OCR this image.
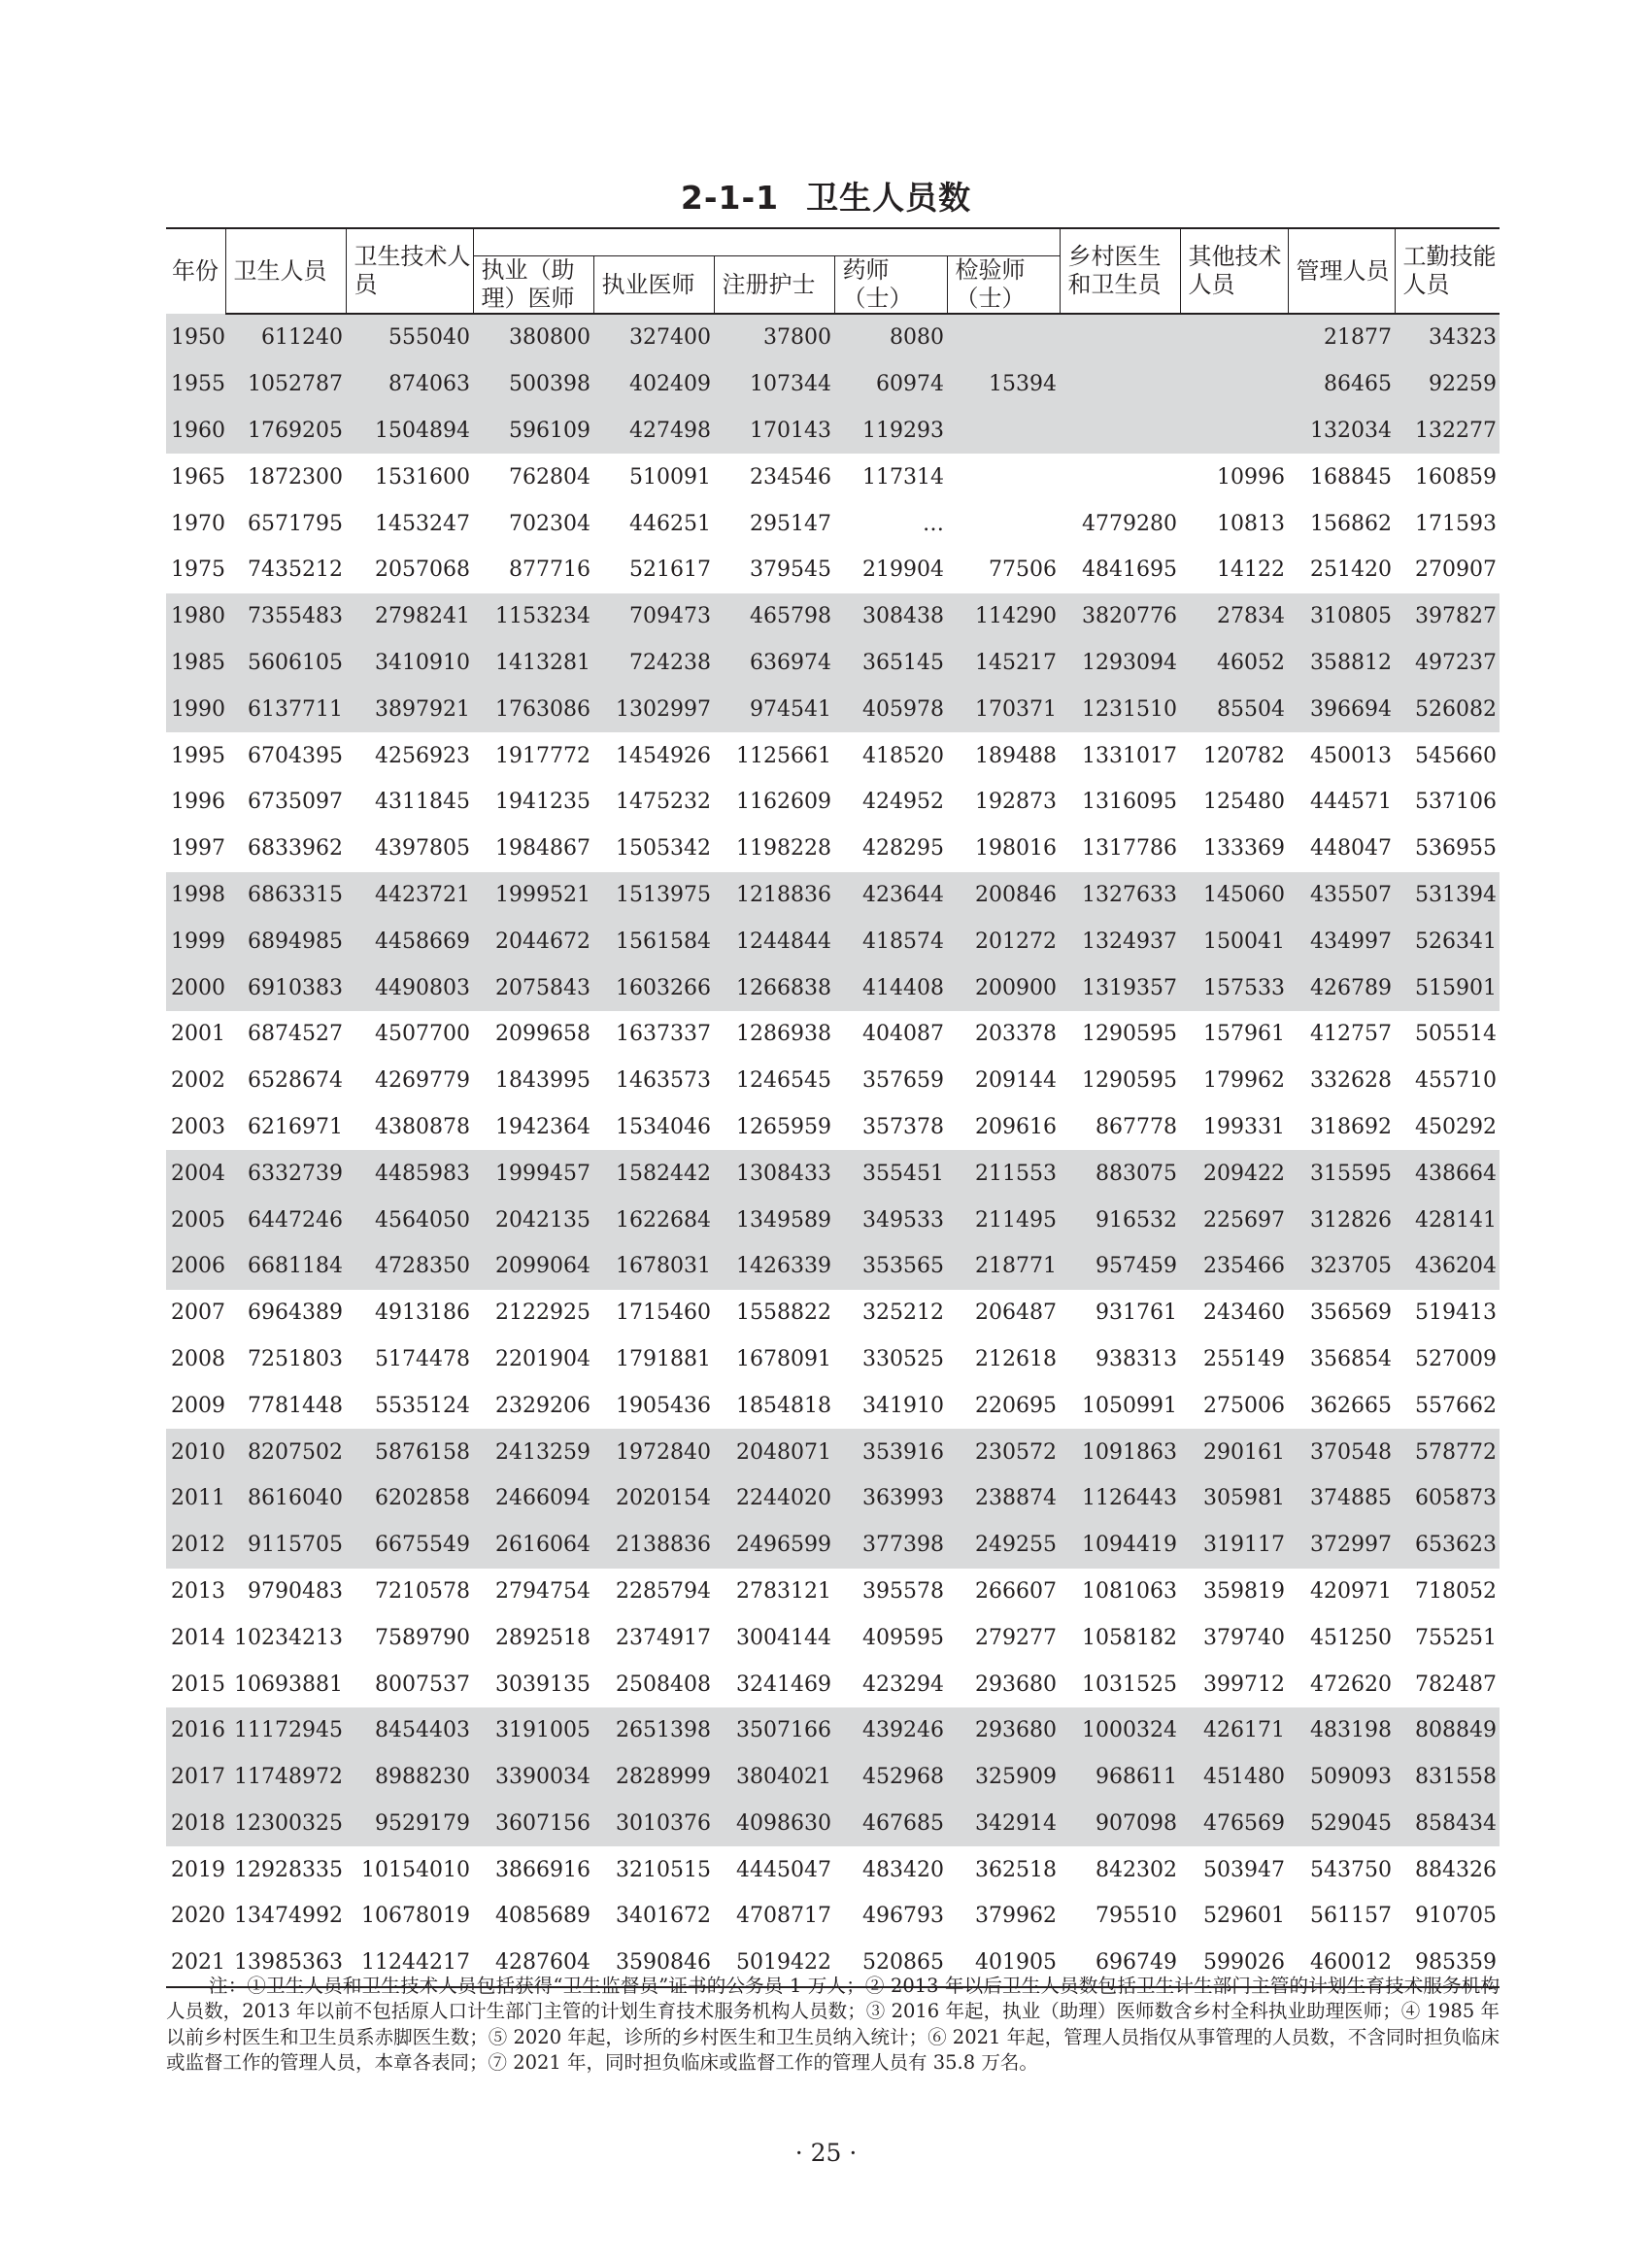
2-1-1 卫生人员数
年份	卫生人员	卫生技术人员						乡村医生和卫生员	其他技术人员	管理人员	工勤技能人员
			执业（助理）医师	执业医师	注册护士	药师（士）	检验师（士）				
1950	611240	555040	380800	327400	37800	8080				21877	34323
1955	1052787	874063	500398	402409	107344	60974	15394			86465	92259
1960	1769205	1504894	596109	427498	170143	119293				132034	132277
1965	1872300	1531600	762804	510091	234546	117314			10996	168845	160859
1970	6571795	1453247	702304	446251	295147	…		4779280	10813	156862	171593
1975	7435212	2057068	877716	521617	379545	219904	77506	4841695	14122	251420	270907
1980	7355483	2798241	1153234	709473	465798	308438	114290	3820776	27834	310805	397827
1985	5606105	3410910	1413281	724238	636974	365145	145217	1293094	46052	358812	497237
1990	6137711	3897921	1763086	1302997	974541	405978	170371	1231510	85504	396694	526082
1995	6704395	4256923	1917772	1454926	1125661	418520	189488	1331017	120782	450013	545660
1996	6735097	4311845	1941235	1475232	1162609	424952	192873	1316095	125480	444571	537106
1997	6833962	4397805	1984867	1505342	1198228	428295	198016	1317786	133369	448047	536955
1998	6863315	4423721	1999521	1513975	1218836	423644	200846	1327633	145060	435507	531394
1999	6894985	4458669	2044672	1561584	1244844	418574	201272	1324937	150041	434997	526341
2000	6910383	4490803	2075843	1603266	1266838	414408	200900	1319357	157533	426789	515901
2001	6874527	4507700	2099658	1637337	1286938	404087	203378	1290595	157961	412757	505514
2002	6528674	4269779	1843995	1463573	1246545	357659	209144	1290595	179962	332628	455710
2003	6216971	4380878	1942364	1534046	1265959	357378	209616	867778	199331	318692	450292
2004	6332739	4485983	1999457	1582442	1308433	355451	211553	883075	209422	315595	438664
2005	6447246	4564050	2042135	1622684	1349589	349533	211495	916532	225697	312826	428141
2006	6681184	4728350	2099064	1678031	1426339	353565	218771	957459	235466	323705	436204
2007	6964389	4913186	2122925	1715460	1558822	325212	206487	931761	243460	356569	519413
2008	7251803	5174478	2201904	1791881	1678091	330525	212618	938313	255149	356854	527009
2009	7781448	5535124	2329206	1905436	1854818	341910	220695	1050991	275006	362665	557662
2010	8207502	5876158	2413259	1972840	2048071	353916	230572	1091863	290161	370548	578772
2011	8616040	6202858	2466094	2020154	2244020	363993	238874	1126443	305981	374885	605873
2012	9115705	6675549	2616064	2138836	2496599	377398	249255	1094419	319117	372997	653623
2013	9790483	7210578	2794754	2285794	2783121	395578	266607	1081063	359819	420971	718052
2014	10234213	7589790	2892518	2374917	3004144	409595	279277	1058182	379740	451250	755251
2015	10693881	8007537	3039135	2508408	3241469	423294	293680	1031525	399712	472620	782487
2016	11172945	8454403	3191005	2651398	3507166	439246	293680	1000324	426171	483198	808849
2017	11748972	8988230	3390034	2828999	3804021	452968	325909	968611	451480	509093	831558
2018	12300325	9529179	3607156	3010376	4098630	467685	342914	907098	476569	529045	858434
2019	12928335	10154010	3866916	3210515	4445047	483420	362518	842302	503947	543750	884326
2020	13474992	10678019	4085689	3401672	4708717	496793	379962	795510	529601	561157	910705
2021	13985363	11244217	4287604	3590846	5019422	520865	401905	696749	599026	460012	985359
注：①卫生人员和卫生技术人员包括获得“卫生监督员”证书的公务员 1 万人；② 2013 年以后卫生人员数包括卫生计生部门主管的计划生育技术服务机构人员数，2013 年以前不包括原人口计生部门主管的计划生育技术服务机构人员数；③ 2016 年起，执业（助理）医师数含乡村全科执业助理医师；④ 1985 年以前乡村医生和卫生员系赤脚医生数；⑤ 2020 年起，诊所的乡村医生和卫生员纳入统计；⑥ 2021 年起，管理人员指仅从事管理的人员数，不含同时担负临床或监督工作的管理人员，本章各表同；⑦ 2021 年，同时担负临床或监督工作的管理人员有 35.8 万名。
· 25 ·
